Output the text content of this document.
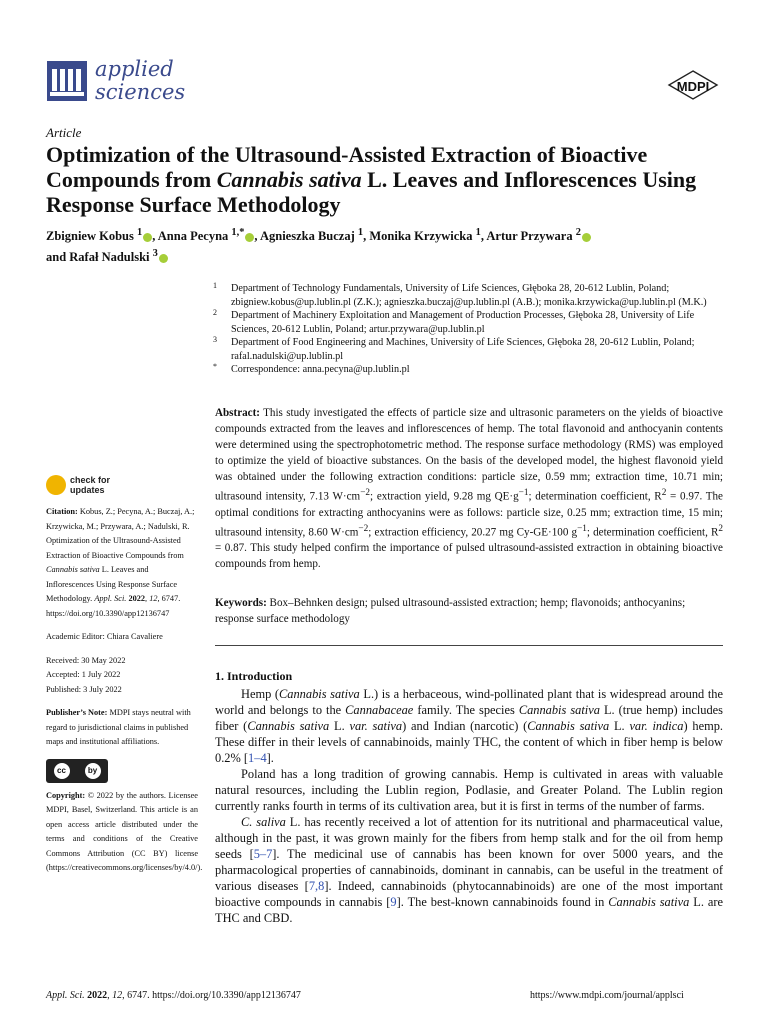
applied
sciences	MDPI
Article
Optimization of the Ultrasound-Assisted Extraction of Bioactive Compounds from Cannabis sativa L. Leaves and Inflorescences Using Response Surface Methodology
Zbigniew Kobus $^1$ , Anna Pecyna $^{1,*}$ , Agnieszka Buczaj $^1$, Monika Krzywicka $^1$, Artur Przywara $^2$
and Rafał Nadulski $^3$
1 Department of Technology Fundamentals, University of Life Sciences, Głęboka 28, 20-612 Lublin, Poland; zbigniew.kobus@up.lublin.pl (Z.K.); agnieszka.buczaj@up.lublin.pl (A.B.); monika.krzywicka@up.lublin.pl (M.K.)
2 Department of Machinery Exploitation and Management of Production Processes, Głęboka 28, University of Life Sciences, 20-612 Lublin, Poland; artur.przywara@up.lublin.pl
3 Department of Food Engineering and Machines, University of Life Sciences, Głęboka 28, 20-612 Lublin, Poland; rafal.nadulski@up.lublin.pl
* Correspondence: anna.pecyna@up.lublin.pl
Abstract: This study investigated the effects of particle size and ultrasonic parameters on the yields of bioactive compounds extracted from the leaves and inflorescences of hemp. The total flavonoid and anthocyanin contents were determined using the spectrophotometric method. The response surface methodology (RMS) was employed to optimize the yield of bioactive substances. On the basis of the developed model, the highest flavonoid yield was obtained under the following extraction conditions: particle size, 0.59 mm; extraction time, 10.71 min; ultrasound intensity, 7.13 $W\cdot cm^{-2}$; extraction yield, 9.28 mg $QE\cdot g^{-1}$; determination coefficient, $R^2 = 0.97$. The optimal conditions for extracting anthocyanins were as follows: particle size, 0.25 mm; extraction time, 15 min; ultrasound intensity, 8.60 $W\cdot cm^{-2}$; extraction efficiency, 20.27 mg Cy-GE·100 $g^{-1}$; determination coefficient, $R^2 = 0.87$. This study helped confirm the importance of pulsed ultrasound-assisted extraction in obtaining bioactive compounds from hemp.
Keywords: Box–Behnken design; pulsed ultrasound-assisted extraction; hemp; flavonoids; anthocyanins; response surface methodology
check for
updates

Citation: Kobus, Z.; Pecyna, A.; Buczaj, A.; Krzywicka, M.; Przywara, A.; Nadulski, R. Optimization of the Ultrasound-Assisted Extraction of Bioactive Compounds from Cannabis sativa L. Leaves and Inflorescences Using Response Surface Methodology. Appl. Sci. 2022, 12, 6747. https://doi.org/10.3390/app12136747

Academic Editor: Chiara Cavaliere

Received: 30 May 2022

Accepted: 1 July 2022

Published: 3 July 2022

Publisher’s Note: MDPI stays neutral with regard to jurisdictional claims in published maps and institutional affiliations.

cc	by

Copyright: © 2022 by the authors. Licensee MDPI, Basel, Switzerland. This article is an open access article distributed under the terms and conditions of the Creative Commons Attribution (CC BY) license (https://creativecommons.org/licenses/by/4.0/).

1. Introduction

Hemp (Cannabis sativa L.) is a herbaceous, wind-pollinated plant that is widespread around the world and belongs to the Cannabaceae family. The species Cannabis sativa L. (true hemp) includes fiber (Cannabis sativa L. var. sativa) and Indian (narcotic) (Cannabis sativa L. var. indica) hemp. These differ in their levels of cannabinoids, mainly THC, the content of which in fiber hemp is below 0.2% [1–4].

Poland has a long tradition of growing cannabis. Hemp is cultivated in areas with valuable natural resources, including the Lublin region, Podlasie, and Greater Poland. The Lublin region currently ranks fourth in terms of its cultivation area, but it is first in terms of the number of farms.

C. saliva L. has recently received a lot of attention for its nutritional and pharmaceutical value, although in the past, it was grown mainly for the fibers from hemp stalk and for the oil from hemp seeds [5–7]. The medicinal use of cannabis has been known for over 5000 years, and the pharmacological properties of cannabinoids, dominant in cannabis, can be useful in the treatment of various diseases [7,8]. Indeed, cannabinoids (phytocannabinoids) are one of the most important bioactive compounds in cannabis [9]. The best-known cannabinoids found in Cannabis sativa L. are THC and CBD.

Appl. Sci. 2022, 12, 6747. https://doi.org/10.3390/app12136747	https://www.mdpi.com/journal/applsci
